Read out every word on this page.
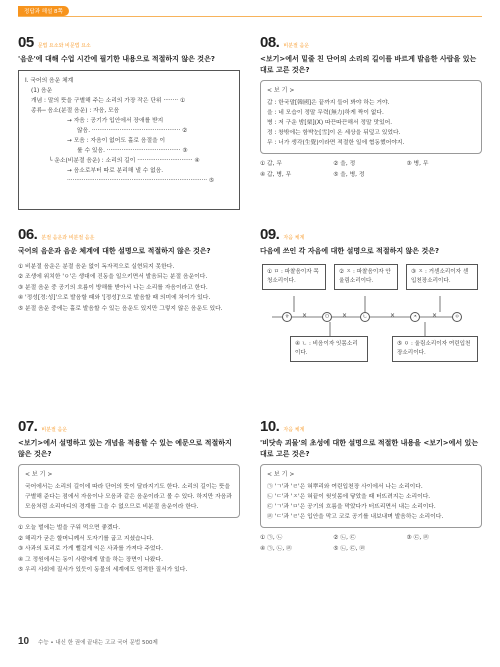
정답과 해설 8쪽
05 문법 요소와 비문법 요소
'음운'에 대해 수업 시간에 필기한 내용으로 적절하지 않은 것은?
Ⅰ. 국어의 음운 체계
(1) 음운
개념 : 말의 뜻을 구별해 주는 소리의 가장 작은 단위 ········ ①
종류─ 음소(분절 음운) : 자음, 모음
→ 자음 : 공기가 입안에서 장애를 받지
않음. ················································ ②
→ 모음 : 자음이 없어도 홀로 음절을 이
룰 수 있음. ········································ ③
└ 운소(비분절 음운) : 소리의 길이 ······························ ④
→ 음소로부터 따로 분리해 낼 수 없음.
············································································ ⑤
08. 비분절 음운
<보기>에서 밑줄 친 단어의 소리의 길이를 바르게 발음한 사람을 있는 대로 고른 것은?
< 보 기 >
갑 : 한국말[韓國]은 끝까지 들어 봐야 하는 거야.
을 : 네 모습이 정말 무력(無力)하게 짝이 없다.
병 : 저 구운 밤[栗](X) 따끈따끈해서 정말 맛있어.
정 : 창밖에는 함박눈[雪]이 온 세상을 뒤덮고 있었다.
무 : 너가 생각(生覺)이라면 적절한 일에 협동했어야지.
① 갑, 무	② 을, 정	③ 병, 무
④ 갑, 병, 무	⑤ 을, 병, 정
06. 분절 음운과 비분절 음운
국어의 음운과 음운 체계에 대한 설명으로 적절하지 않은 것은?
① 비분절 음운은 분절 음운 없이 독자적으로 실현되지 못한다.
② 조생에 위치한 'ㅇ'은 생대에 진동을 일으키면서 발음되는 분절 음운이다.
③ 분절 음운 중 공기의 흐름이 방해를 받아서 나는 소리를 자음이라고 한다.
④ '정성[정:성]'으로 발음할 때와 '[정성]'으로 발음할 때 의미에 차이가 있다.
⑤ 분절 음운 중에는 홀로 발음할 수 있는 음운도 있지만 그렇지 않은 음운도 있다.
09. 자음 체계
다음에 쓰인 각 자음에 대한 설명으로 적절하지 않은 것은?
① ㅁ : 파찰음이자 목청소리이다.
② ㅈ : 파찰음이자 안울림소리이다.
③ ㅈ : 거센소리이자 센입천장소리이다.
ㅎ	ㅁ	ㄴ	ㅈ	ㅇ
×	×	×	×
④ ㄴ : 비음이자 잇몸소리이다.
⑤ ㅇ : 울림소리이자 여린입천장소리이다.
07. 비분절 음운
<보기>에서 설명하고 있는 개념을 적용할 수 있는 예문으로 적절하지 않은 것은?
< 보 기 >
국어에서는 소리의 길이에 따라 단어의 뜻이 달라지기도 한다. 소리의 길이는 뜻을 구별해 준다는 점에서 자음이나 모음과 같은 음운이라고 볼 수 있다. 하지만 자음과 모음처럼 소리마디의 경계를 그을 수 없으므로 비분절 음운이라 한다.
① 오늘 벌에는 벌을 구워 먹으면 좋겠다.
② 해리가 굳은 할머니께서 도자기를 굽고 지셨습니다.
③ 사과의 토리로 가게 뻘걸게 익은 사과를 가져다 주었다.
④ 그 정원에서는 동이 사람에게 말을 하는 장면이 나왔다.
⑤ 우리 사회에 질서가 있듯이 동물의 세계에도 엄격한 질서가 있다.
10. 자음 체계
'비닷속 괴물'의 초성에 대한 설명으로 적절한 내용을 <보기>에서 있는 대로 고른 것은?
< 보 기 >
㉠ 'ㄱ'과 'ㄹ'은 혀뿌리와 여린입천장 사이에서 나는 소리이다.
㉡ 'ㄷ'과 'ㅈ'은 혀끝이 윗잇몸에 닿았을 때 터뜨려지는 소리이다.
㉢ 'ㄱ'과 'ㅁ'은 공기의 흐름을 막았다가 터뜨리면서 내는 소리이다.
㉣ 'ㄷ'과 'ㄹ'은 입안을 막고 코로 공기를 내보내며 발음하는 소리이다.
① ㉠, ㉡	② ㉡, ㉢	③ ㉢, ㉣
④ ㉠, ㉡, ㉣	⑤ ㉡, ㉢, ㉣
10 수능 • 내신 한 권에 끝내는 고교 국어 문법 500제
